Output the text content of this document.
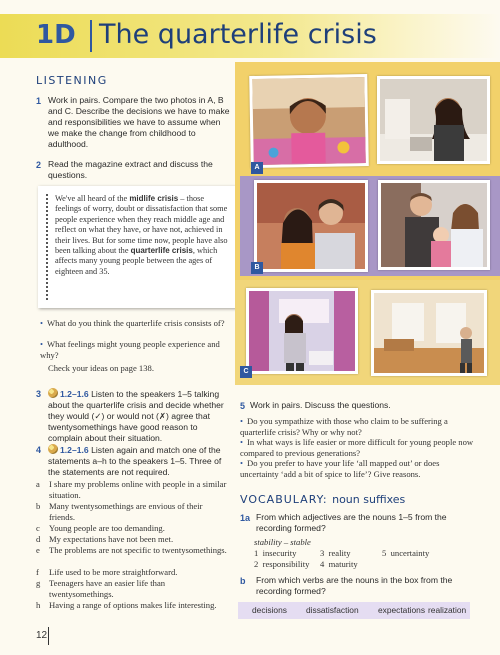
1D The quarterlife crisis
LISTENING
1 Work in pairs. Compare the two photos in A, B and C. Describe the decisions we have to make and responsibilities we have to assume when we make the change from childhood to adulthood.
2 Read the magazine extract and discuss the questions.
We've all heard of the midlife crisis – those feelings of worry, doubt or dissatisfaction that some people experience when they reach middle age and reflect on what they have, or have not, achieved in their lives. But for some time now, people have also been talking about the quarterlife crisis, which affects many young people between the ages of eighteen and 35.
• What do you think the quarterlife crisis consists of?
• What feelings might young people experience and why?
Check your ideas on page 138.
3	1.2–1.6 Listen to the speakers 1–5 talking about the quarterlife crisis and decide whether they would (✓) or would not (✗) agree that twentysomethings have good reason to complain about their situation.
4	1.2–1.6 Listen again and match one of the statements a–h to the speakers 1–5. Three of the statements are not required.
a I share my problems online with people in a similar situation.
b Many twentysomethings are envious of their friends.
c Young people are too demanding.
d My expectations have not been met.
e The problems are not specific to twentysomethings.
f Life used to be more straightforward.
g Teenagers have an easier life than twentysomethings.
h Having a range of options makes life interesting.
12
A
B
C
5 Work in pairs. Discuss the questions.
• Do you sympathize with those who claim to be suffering a quarterlife crisis? Why or why not?
• In what ways is life easier or more difficult for young people now compared to previous generations?
• Do you prefer to have your life ‘all mapped out’ or does uncertainty ‘add a bit of spice to life’? Give reasons.
VOCABULARY: noun suffixes
1a From which adjectives are the nouns 1–5 from the recording formed?
stability – stable
1 insecurity
2 responsibility
3 reality
4 maturity
5 uncertainty
b From which verbs are the nouns in the box from the recording formed?
decisions dissatisfaction expectations realization
